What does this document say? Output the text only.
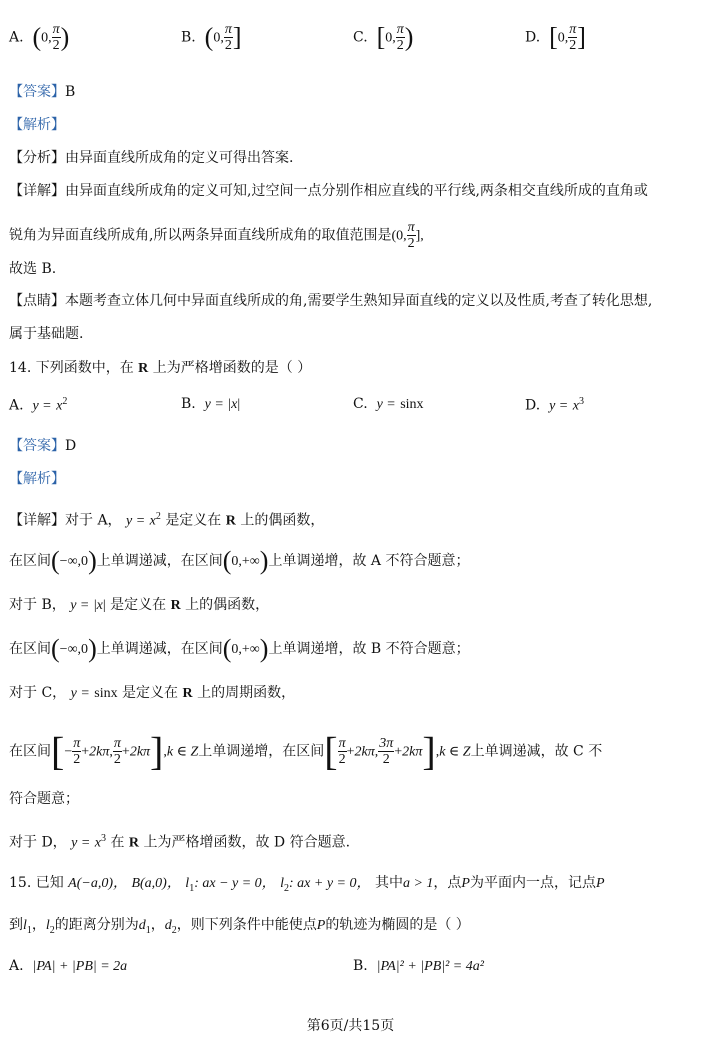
A. (0, $\frac{\pi}{2}$ )	B. (0, $\frac{\pi}{2}$ ]	C. [0, $\frac{\pi}{2}$ )	D. [0, $\frac{\pi}{2}$ ]
【答案】B
【解析】
【分析】由异面直线所成角的定义可得出答案.
【详解】由异面直线所成角的定义可知,过空间一点分别作相应直线的平行线,两条相交直线所成的直角或
锐角为异面直线所成角,所以两条异面直线所成角的取值范围是(0, $\frac{\pi}{2}$ ],
故选 B.
【点睛】本题考查立体几何中异面直线所成的角,需要学生熟知异面直线的定义以及性质,考查了转化思想,
属于基础题.
14. 下列函数中，在 R 上为严格增函数的是（ ）
A. $y = x^2$	B. y = |x|	C. y = sinx	D. $y = x^3$
【答案】D
【解析】
【详解】对于 A， $y = x^2$ 是定义在 R 上的偶函数，
在区间(−∞,0)上单调递减，在区间(0,+∞)上单调递增，故 A 不符合题意；
对于 B， y = |x| 是定义在 R 上的偶函数，
在区间(−∞,0)上单调递减，在区间(0,+∞)上单调递增，故 B 不符合题意；
对于 C， y = sinx 是定义在 R 上的周期函数，
在区间[− $\frac{\pi}{2} +2k\pi$, $\frac{\pi}{2} +2k\pi],k$ ∈ Z上单调递增，在区间[ $\frac{\pi}{2} +2k\pi$, $\frac{3\pi}{2} +2k\pi],k$ ∈ Z上单调递减，故 C 不
符合题意；
对于 D， $y = x^3$ 在 R 上为严格增函数，故 D 符合题意.
15. 已知 A(−a,0)， B(a,0)， $l_1$: ax − y = 0， $l_2$: ax + y = 0， 其中a > 1，点P为平面内一点，记点P
到$l_1$，$l_2$的距离分别为$d_1$，$d_2$，则下列条件中能使点P的轨迹为椭圆的是（ ）
A. |PA| + |PB| = 2a	B. |PA|² + |PB|² = 4a²
第6页/共15页
